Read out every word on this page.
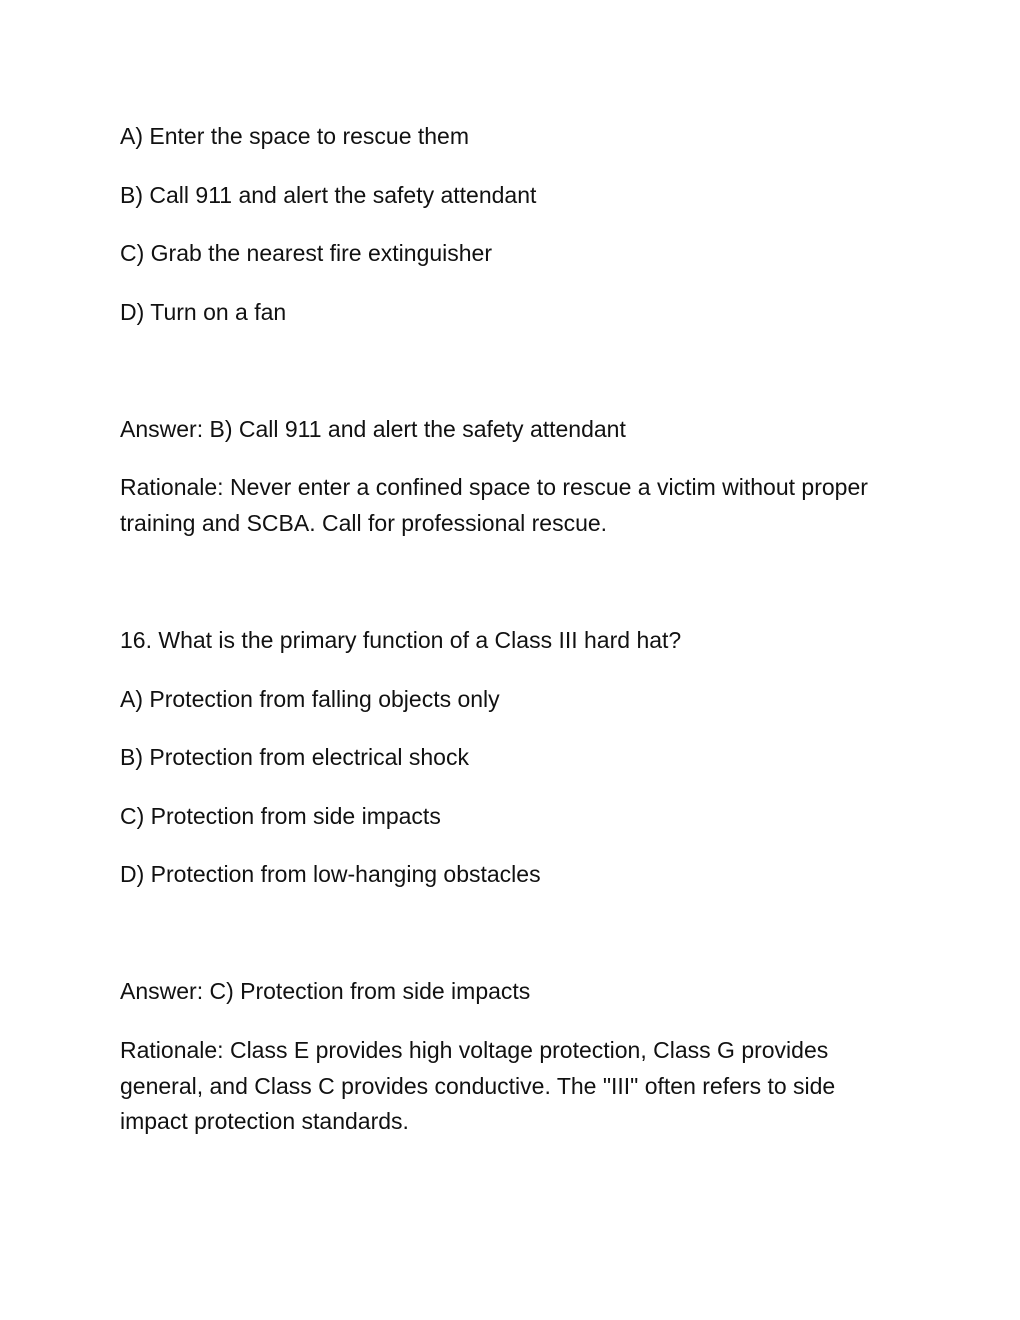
A) Enter the space to rescue them
B) Call 911 and alert the safety attendant
C) Grab the nearest fire extinguisher
D) Turn on a fan
Answer: B) Call 911 and alert the safety attendant
Rationale: Never enter a confined space to rescue a victim without proper training and SCBA. Call for professional rescue.
16. What is the primary function of a Class III hard hat?
A) Protection from falling objects only
B) Protection from electrical shock
C) Protection from side impacts
D) Protection from low-hanging obstacles
Answer: C) Protection from side impacts
Rationale: Class E provides high voltage protection, Class G provides general, and Class C provides conductive. The "III" often refers to side impact protection standards.
